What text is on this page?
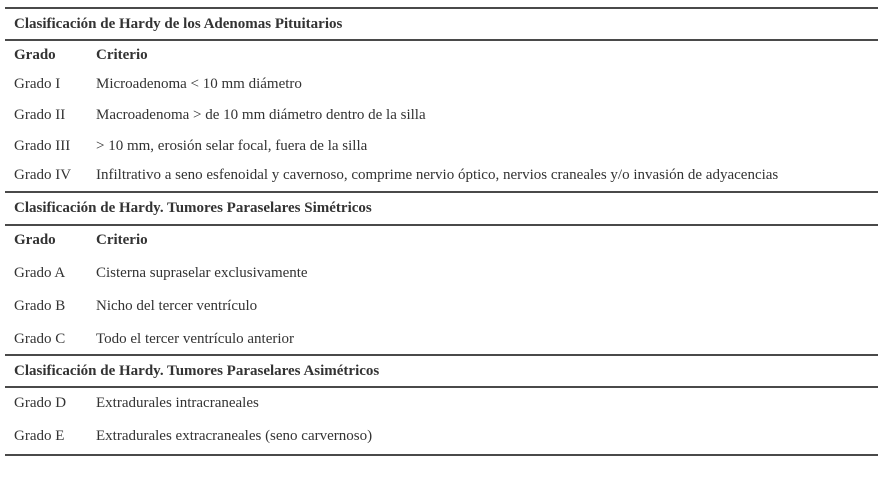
Clasificación de Hardy de los Adenomas Pituitarios
Grado	Criterio
Grado I	Microadenoma < 10 mm diámetro
Grado II	Macroadenoma > de 10 mm diámetro dentro de la silla
Grado III	> 10 mm, erosión selar focal, fuera de la silla
Grado IV	Infiltrativo a seno esfenoidal y cavernoso, comprime nervio óptico, nervios craneales y/o invasión de adyacencias
Clasificación de Hardy. Tumores Paraselares Simétricos
Grado	Criterio
Grado A	Cisterna supraselar exclusivamente
Grado B	Nicho del tercer ventrículo
Grado C	Todo el tercer ventrículo anterior
Clasificación de Hardy. Tumores Paraselares Asimétricos
Grado D	Extradurales intracraneales
Grado E	Extradurales extracraneales (seno carvernoso)
